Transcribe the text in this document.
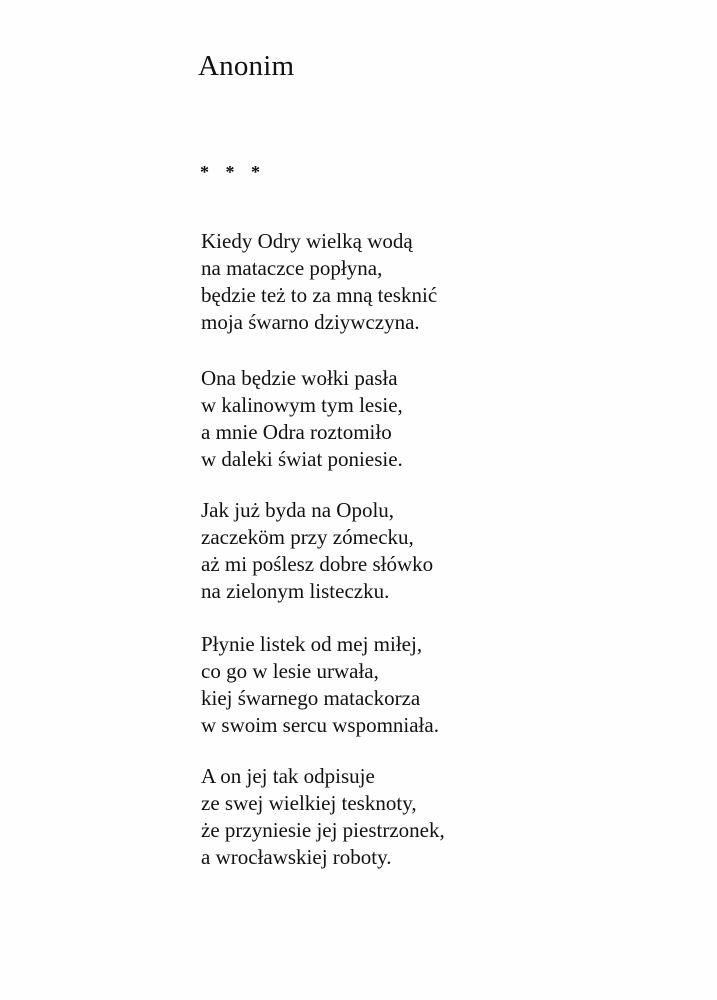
Anonim
* * *
Kiedy Odry wielką wodą
na mataczce popłyna,
będzie też to za mną tesknić
moja śwarno dziywczyna.
Ona będzie wołki pasła
w kalinowym tym lesie,
a mnie Odra roztomiło
w daleki świat poniesie.
Jak już byda na Opolu,
zaczeköm przy zómecku,
aż mi poślesz dobre słówko
na zielonym listeczku.
Płynie listek od mej miłej,
co go w lesie urwała,
kiej śwarnego matackorza
w swoim sercu wspomniała.
A on jej tak odpisuje
ze swej wielkiej tesknoty,
że przyniesie jej piestrzonek,
a wrocławskiej roboty.
